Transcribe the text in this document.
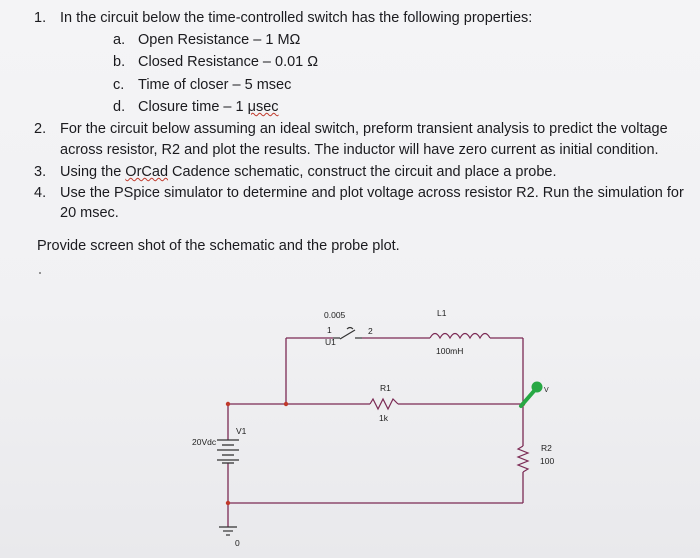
1. In the circuit below the time-controlled switch has the following properties:
a. Open Resistance – 1 MΩ
b. Closed Resistance – 0.01 Ω
c. Time of closer – 5 msec
d. Closure time – 1 μsec
2. For the circuit below assuming an ideal switch, preform transient analysis to predict the voltage
across resistor, R2 and plot the results. The inductor will have zero current as initial condition.
3. Using the OrCad Cadence schematic, construct the circuit and place a probe.
4. Use the PSpice simulator to determine and plot voltage across resistor R2. Run the simulation for
20 msec.
Provide screen shot of the schematic and the probe plot.
0.005
1	2
U1
L1
100mH
R1
1k
R2
100
V1
20Vdc
0
V
